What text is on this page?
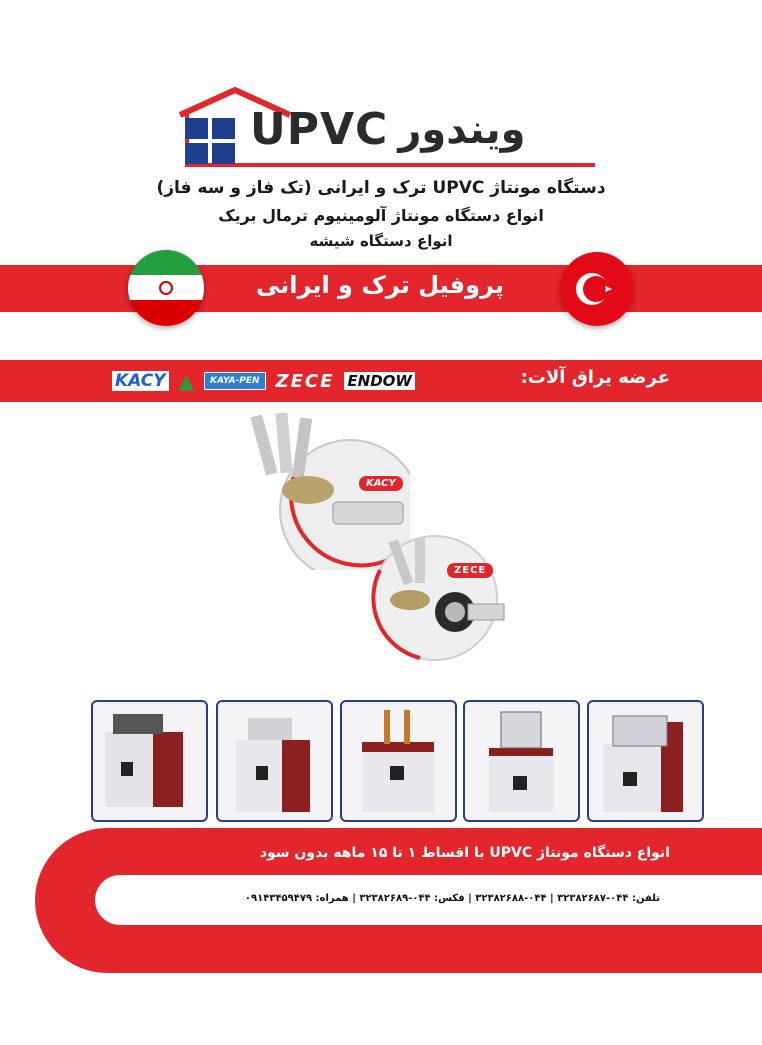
UPVC ویندور
دستگاه مونتاژ UPVC ترک و ایرانی (تک فاز و سه فاز)
انواع دستگاه مونتاژ آلومینیوم ترمال بریک
انواع دستگاه شیشه
پروفیل ترک و ایرانی
عرضه یراق آلات:
KACY ▲	KAYA-PEN ZECE ENDOW
KACY
ZECE
انواع دستگاه مونتاژ UPVC با اقساط ۱ تا ۱۵ ماهه بدون سود
تلفن: ۰۴۴-۳۲۳۸۲۶۸۷ | ۰۴۴-۳۲۳۸۲۶۸۸ | فکس: ۰۴۴-۳۲۳۸۲۶۸۹ | همراه: ۰۹۱۴۳۴۵۹۴۷۹
